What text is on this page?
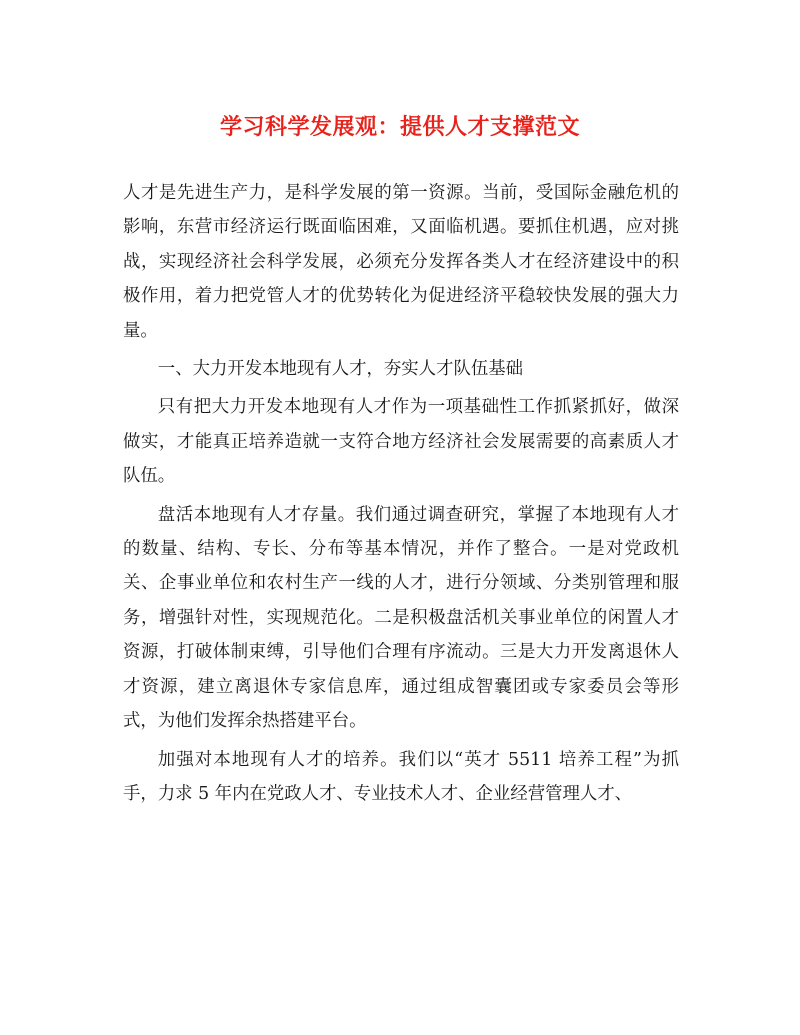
学习科学发展观：提供人才支撑范文

人才是先进生产力，是科学发展的第一资源。当前，受国际金融危机的影响，东营市经济运行既面临困难，又面临机遇。要抓住机遇，应对挑战，实现经济社会科学发展，必须充分发挥各类人才在经济建设中的积极作用，着力把党管人才的优势转化为促进经济平稳较快发展的强大力量。

一、大力开发本地现有人才，夯实人才队伍基础

只有把大力开发本地现有人才作为一项基础性工作抓紧抓好，做深做实，才能真正培养造就一支符合地方经济社会发展需要的高素质人才队伍。

盘活本地现有人才存量。我们通过调查研究，掌握了本地现有人才的数量、结构、专长、分布等基本情况，并作了整合。一是对党政机关、企事业单位和农村生产一线的人才，进行分领域、分类别管理和服务，增强针对性，实现规范化。二是积极盘活机关事业单位的闲置人才资源，打破体制束缚，引导他们合理有序流动。三是大力开发离退休人才资源，建立离退休专家信息库，通过组成智囊团或专家委员会等形式，为他们发挥余热搭建平台。

加强对本地现有人才的培养。我们以“英才 5511 培养工程”为抓手，力求 5 年内在党政人才、专业技术人才、企业经营管理人才、
